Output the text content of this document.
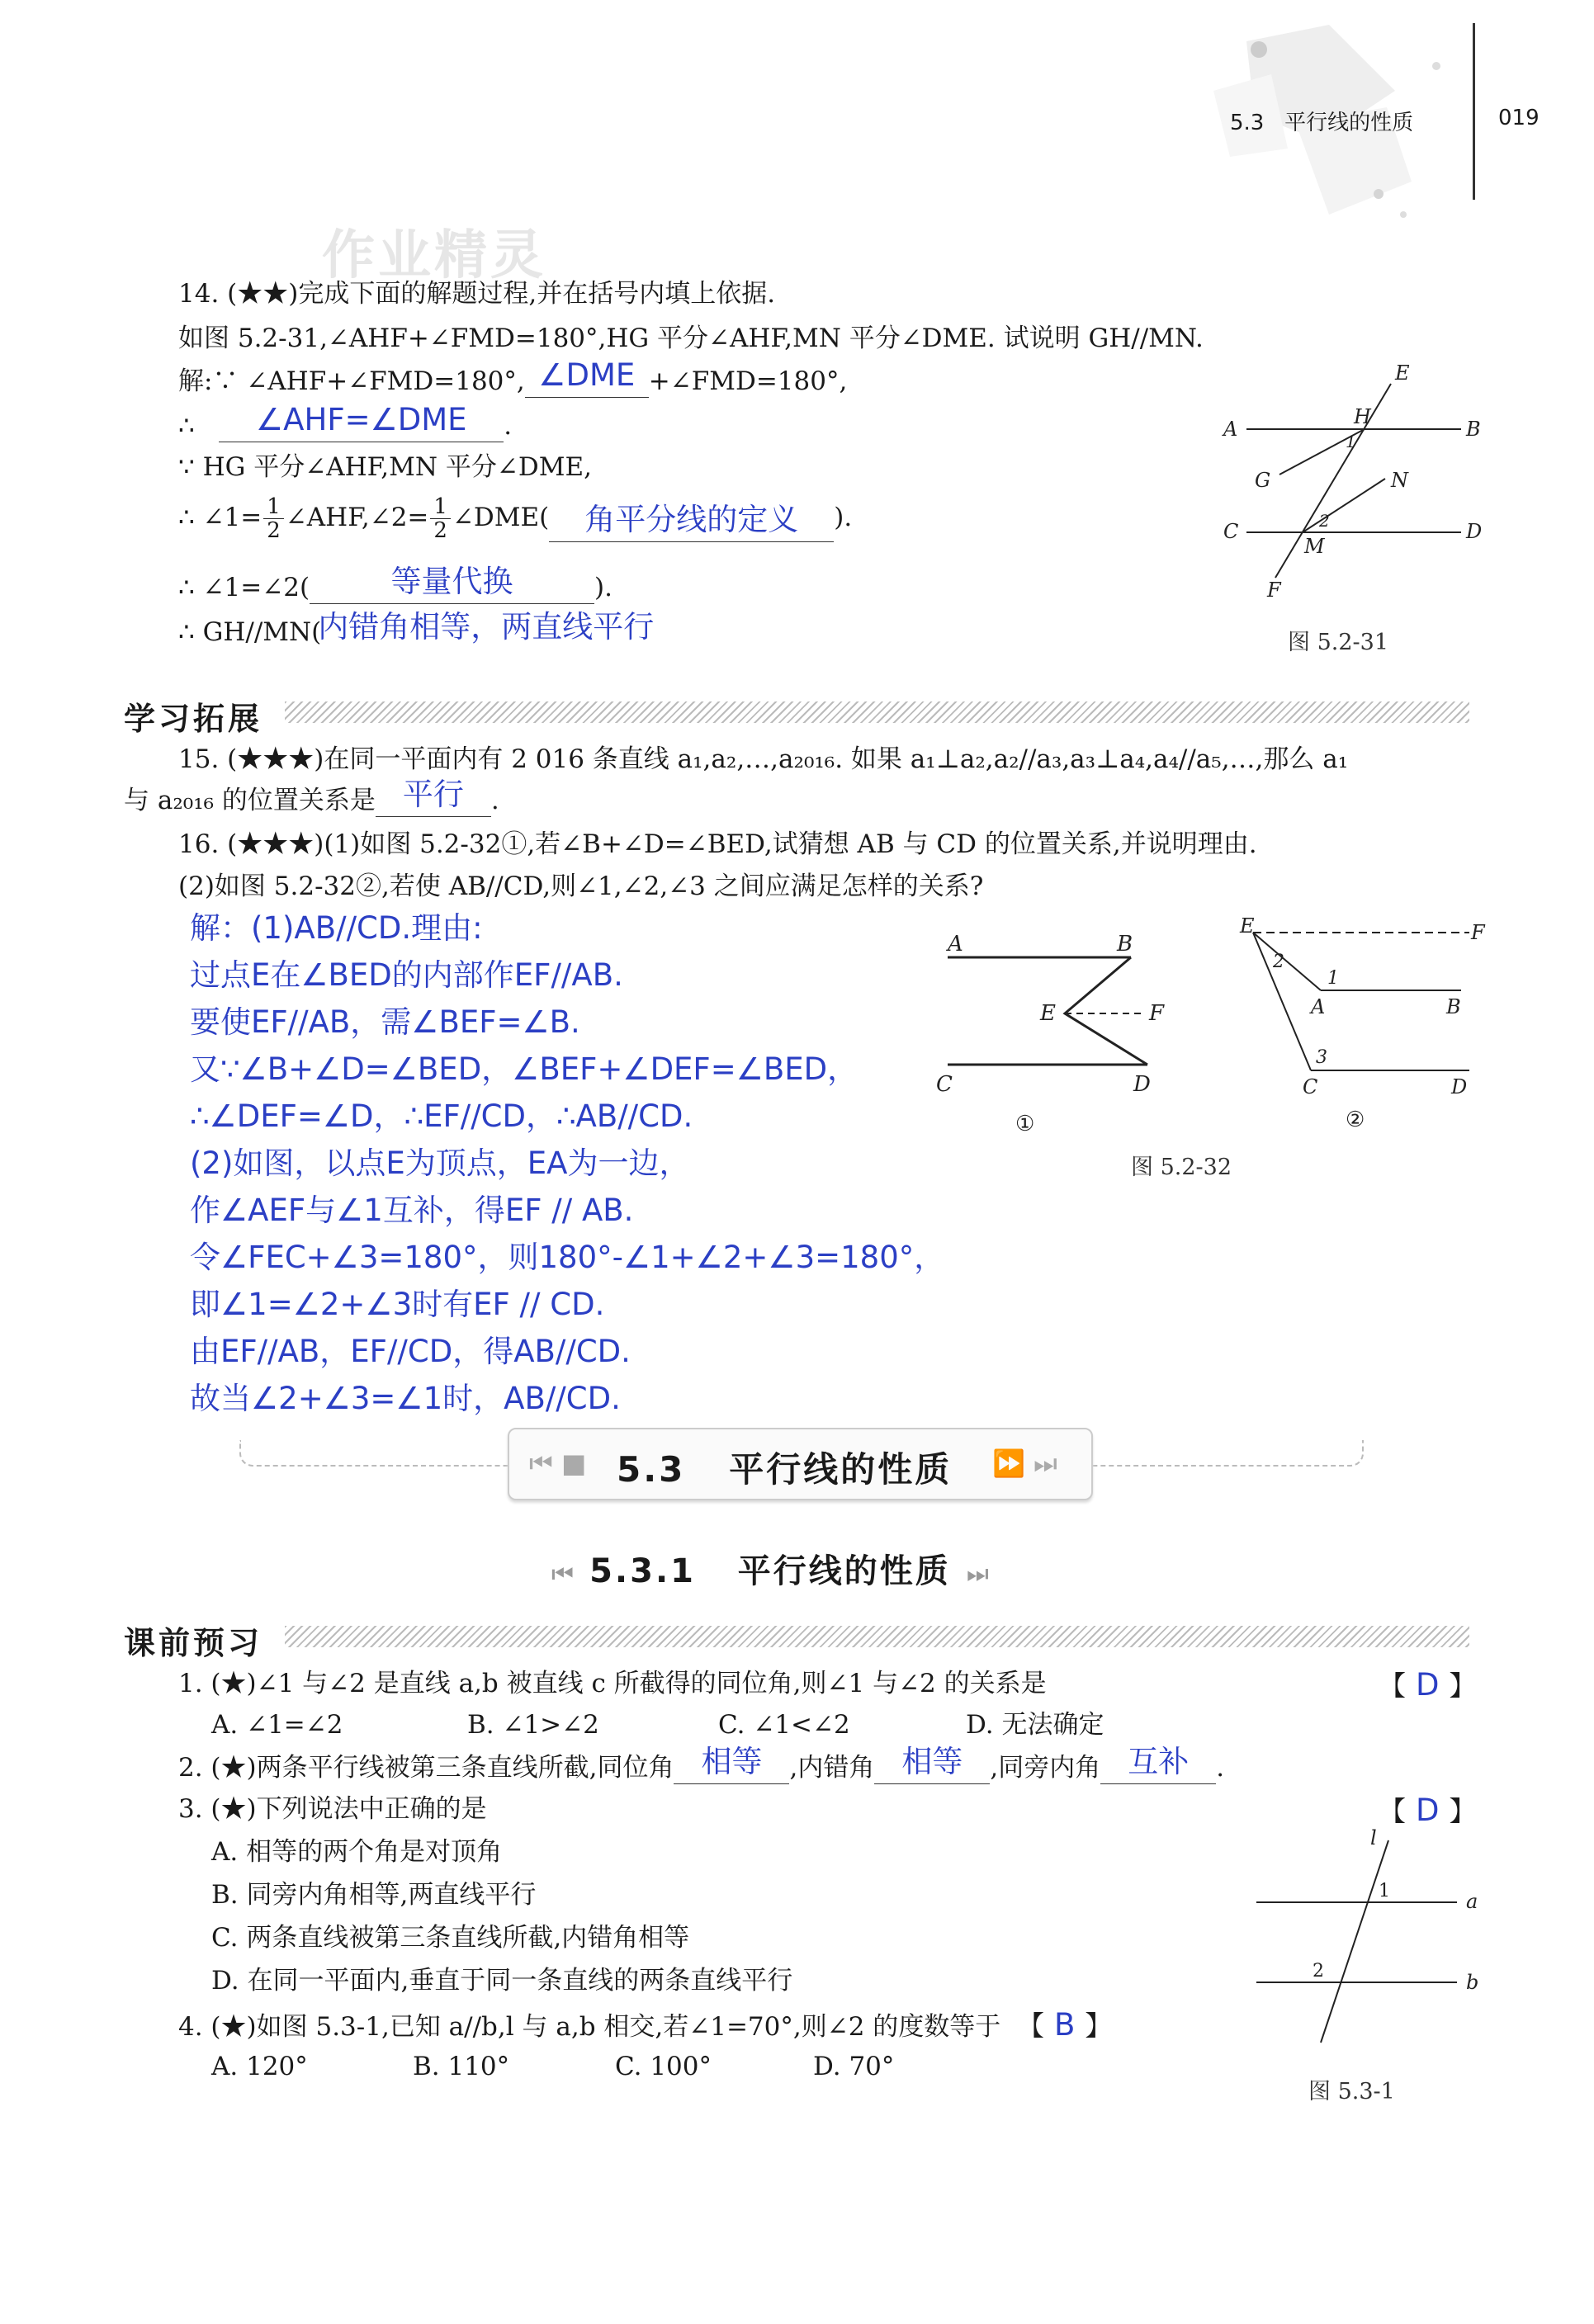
5.3 平行线的性质	019
作业精灵
14. (★★)完成下面的解题过程,并在括号内填上依据.
如图 5.2-31,∠AHF+∠FMD=180°,HG 平分∠AHF,MN 平分∠DME. 试说明 GH//MN.
解:∵ ∠AHF+∠FMD=180°, ∠DME +∠FMD=180°,
∴	∠AHF=∠DME	.
∵ HG 平分∠AHF,MN 平分∠DME,
∴ ∠1= $\frac{1}{2}$ ∠AHF,∠2= $\frac{1}{2}$ ∠DME(	角平分线的定义	).
∴ ∠1=∠2(	等量代换	).
∴ GH//MN(
内错角相等，两直线平行
E
A
H
B
1
G	N
2
C
M
D
F
图 5.2-31
学习拓展
15. (★★★)在同一平面内有 2 016 条直线 a₁,a₂,…,a₂₀₁₆. 如果 a₁⊥a₂,a₂//a₃,a₃⊥a₄,a₄//a₅,…,那么 a₁
与 a₂₀₁₆ 的位置关系是 平行	.
16. (★★★)(1)如图 5.2-32①,若∠B+∠D=∠BED,试猜想 AB 与 CD 的位置关系,并说明理由.
(2)如图 5.2-32②,若使 AB//CD,则∠1,∠2,∠3 之间应满足怎样的关系?
解：(1)AB//CD.理由:
过点E在∠BED的内部作EF//AB.
要使EF//AB，需∠BEF=∠B.
又∵∠B+∠D=∠BED，∠BEF+∠DEF=∠BED，
∴∠DEF=∠D，∴EF//CD，∴AB//CD.
(2)如图，以点E为顶点，EA为一边，
作∠AEF与∠1互补，得EF // AB.
令∠FEC+∠3=180°，则180°-∠1+∠2+∠3=180°，
即∠1=∠2+∠3时有EF // CD.
由EF//AB，EF//CD，得AB//CD.
故当∠2+∠3=∠1时，AB//CD.
A	B
E	F
C	D
①
E	F
2
1
A	B
3
C	D
②
图 5.2-32
⏮ ■ 5.3   平行线的性质 ⏩ ⏭
⏮ 5.3.1   平行线的性质 ⏭
课前预习
1. (★)∠1 与∠2 是直线 a,b 被直线 c 所截得的同位角,则∠1 与∠2 的关系是	【 D 】
A. ∠1=∠2	B. ∠1>∠2	C. ∠1<∠2	D. 无法确定
2. (★)两条平行线被第三条直线所截,同位角 相等	,内错角 相等	,同旁内角 互补	.
3. (★)下列说法中正确的是	【 D 】
A. 相等的两个角是对顶角
B. 同旁内角相等,两直线平行
C. 两条直线被第三条直线所截,内错角相等
D. 在同一平面内,垂直于同一条直线的两条直线平行
4. (★)如图 5.3-1,已知 a//b,l 与 a,b 相交,若∠1=70°,则∠2 的度数等于 【 B 】
A. 120°	B. 110°	C. 100°	D. 70°
l
1	a
2	b
图 5.3-1
